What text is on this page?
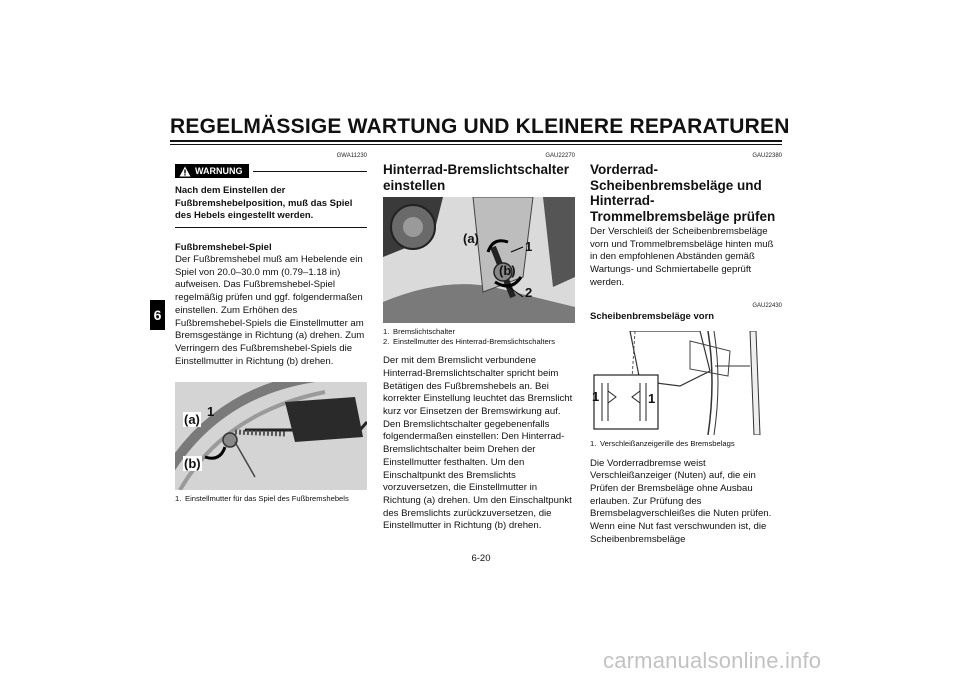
REGELMÄSSIGE WARTUNG UND KLEINERE REPARATUREN
6
GWA11230
WARNUNG
Nach dem Einstellen der Fußbremshebelposition, muß das Spiel des Hebels eingestellt werden.
Fußbremshebel-Spiel
Der Fußbremshebel muß am Hebelende ein Spiel von 20.0–30.0 mm (0.79–1.18 in) aufweisen. Das Fußbremshebel-Spiel regelmäßig prüfen und ggf. folgendermaßen einstellen. Zum Erhöhen des Fußbremshebel-Spiels die Einstellmutter am Bremsgestänge in Richtung (a) drehen. Zum Verringern des Fußbremshebel-Spiels die Einstellmutter in Richtung (b) drehen.
(a)
1
(b)
1. Einstellmutter für das Spiel des Fußbremshebels
GAU22270
Hinterrad-Bremslichtschalter einstellen
(a)
1
(b)
2
1. Bremslichtschalter
2. Einstellmutter des Hinterrad-Bremslichtschalters
Der mit dem Bremslicht verbundene Hinterrad-Bremslichtschalter spricht beim Betätigen des Fußbremshebels an. Bei korrekter Einstellung leuchtet das Bremslicht kurz vor Einsetzen der Bremswirkung auf. Den Bremslichtschalter gegebenenfalls folgendermaßen einstellen: Den Hinterrad-Bremslichtschalter beim Drehen der Einstellmutter festhalten. Um den Einschaltpunkt des Bremslichts vorzuversetzen, die Einstellmutter in Richtung (a) drehen. Um den Einschaltpunkt des Bremslichts zurückzuversetzen, die Einstellmutter in Richtung (b) drehen.
GAU22380
Vorderrad-Scheibenbremsbeläge und Hinterrad-Trommelbremsbeläge prüfen
Der Verschleiß der Scheibenbremsbeläge vorn und Trommelbremsbeläge hinten muß in den empfohlenen Abständen gemäß Wartungs- und Schmiertabelle geprüft werden.
GAU22430
Scheibenbremsbeläge vorn
1	1
1. Verschleißanzeigerille des Bremsbelags
Die Vorderradbremse weist Verschleißanzeiger (Nuten) auf, die ein Prüfen der Bremsbeläge ohne Ausbau erlauben. Zur Prüfung des Bremsbelagverschleißes die Nuten prüfen. Wenn eine Nut fast verschwunden ist, die Scheibenbremsbeläge
6-20
carmanualsonline.info
